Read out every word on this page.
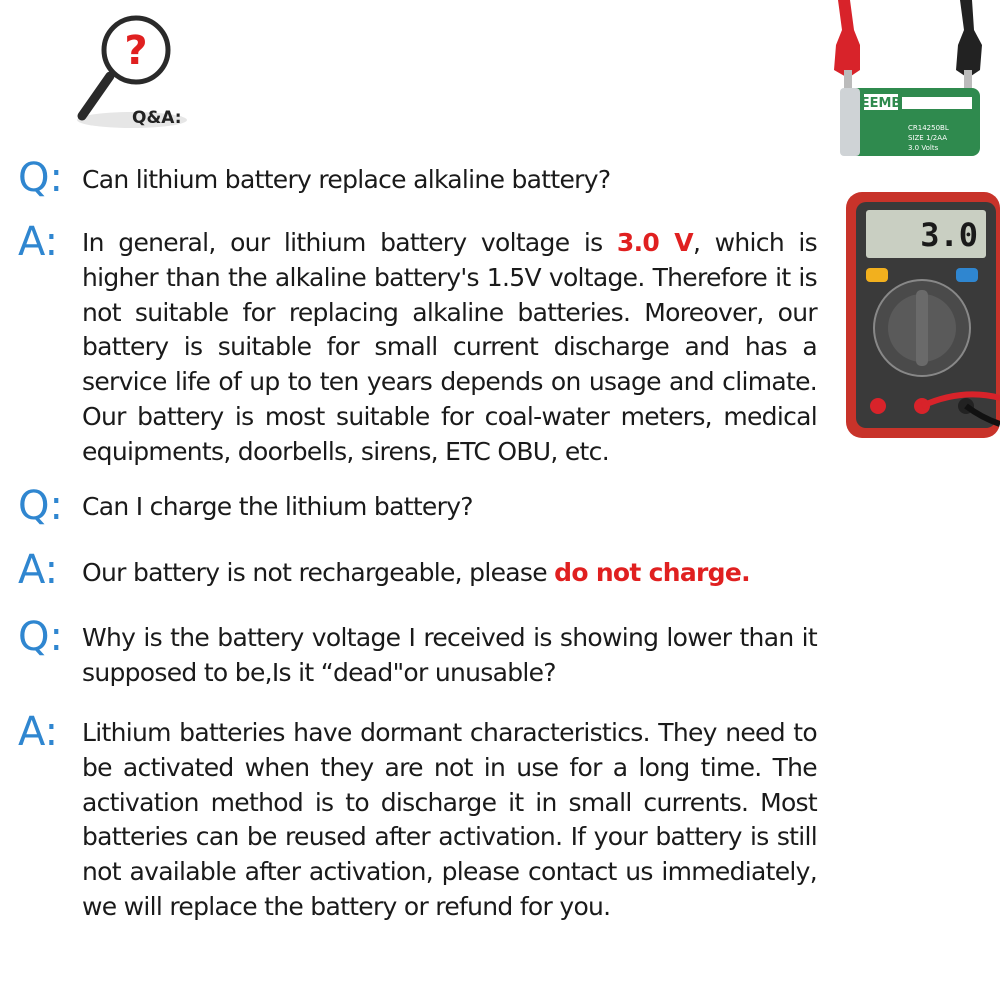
?
Q&A:
EEMB
CR14250BL
SIZE 1/2AA
3.0 Volts
3.0
Q: Can lithium battery replace alkaline battery?

A: In general, our lithium battery voltage is 3.0 V, which is higher than the alkaline battery's 1.5V voltage. Therefore it is not suitable for replacing alkaline batteries. Moreover, our battery is suitable for small current discharge and has a service life of up to ten years depends on usage and climate. Our battery is most suitable for coal-water meters, medical equipments, doorbells, sirens, ETC OBU, etc.

Q: Can I charge the lithium battery?

A: Our battery is not rechargeable, please do not charge.

Q: Why is the battery voltage I received is showing lower than it supposed to be,Is it “dead"or unusable?

A: Lithium batteries have dormant characteristics. They need to be activated when they are not in use for a long time. The activation method is to discharge it in small currents. Most batteries can be reused after activation. If your battery is still not available after activation, please contact us immediately, we will replace the battery or refund for you.
